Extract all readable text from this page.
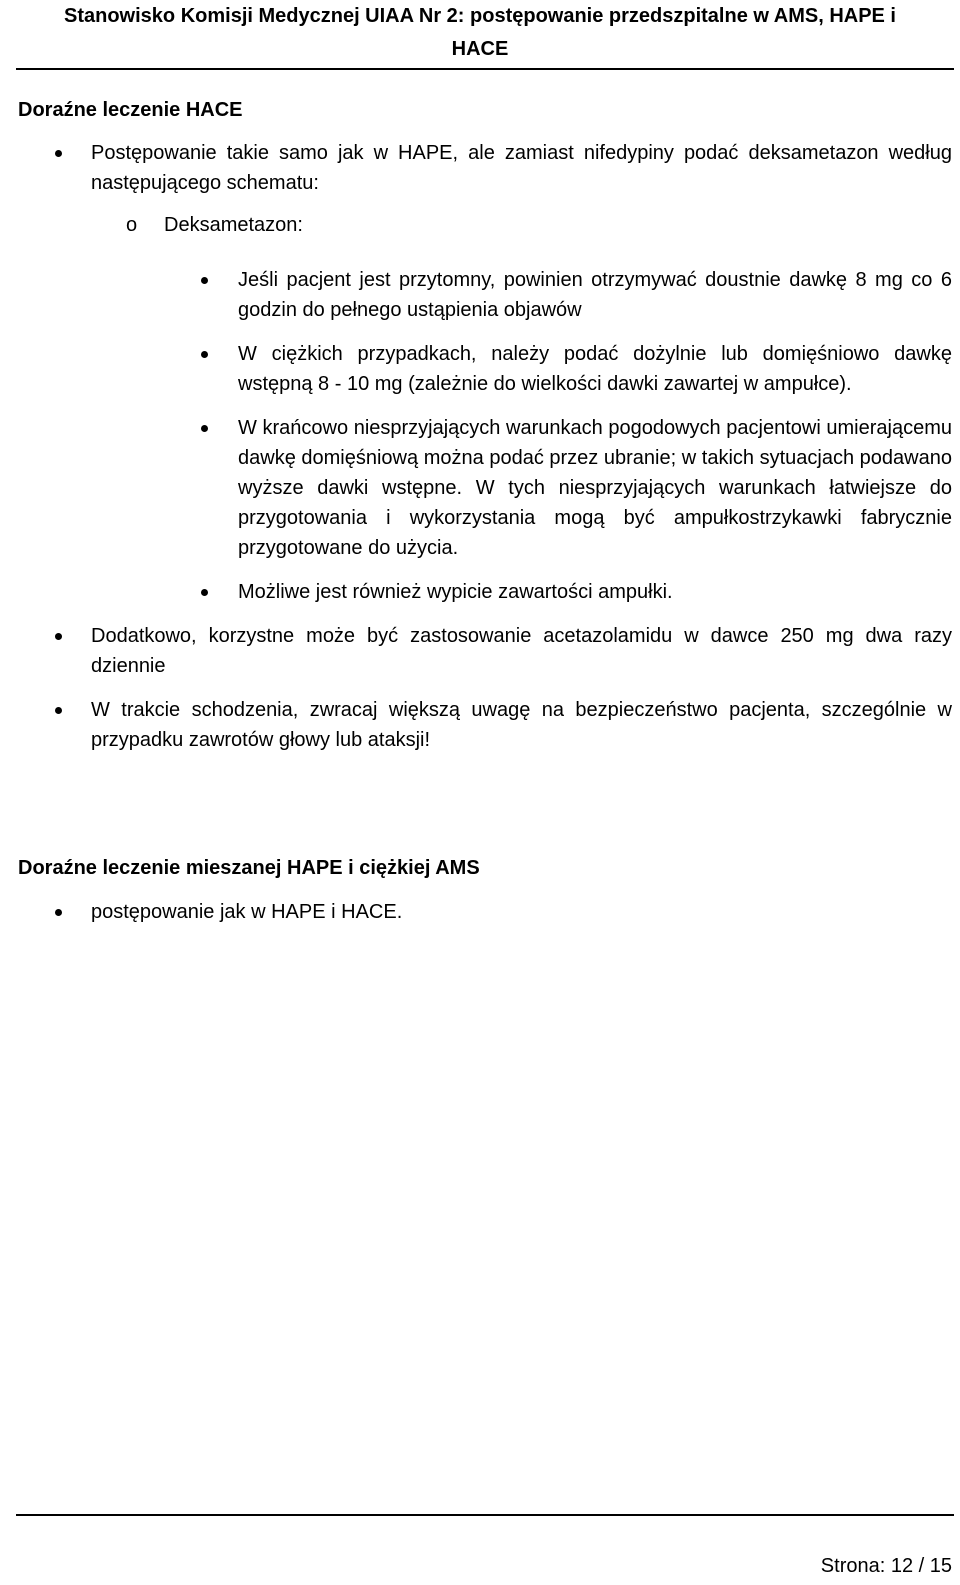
Stanowisko Komisji Medycznej UIAA Nr 2: postępowanie przedszpitalne w AMS, HAPE i
HACE
Doraźne leczenie HACE
Postępowanie takie samo jak w HAPE, ale zamiast nifedypiny podać deksametazon według następującego schematu:
o Deksametazon:
Jeśli pacjent jest przytomny, powinien otrzymywać doustnie dawkę 8 mg co 6 godzin do pełnego ustąpienia objawów
W ciężkich przypadkach, należy podać dożylnie lub domięśniowo dawkę wstępną 8 - 10 mg (zależnie do wielkości dawki zawartej w ampułce).
W krańcowo niesprzyjających warunkach pogodowych pacjentowi umierającemu dawkę domięśniową można podać przez ubranie; w takich sytuacjach podawano wyższe dawki wstępne. W tych niesprzyjających warunkach łatwiejsze do przygotowania i wykorzystania mogą być ampułkostrzykawki fabrycznie przygotowane do użycia.
Możliwe jest również wypicie zawartości ampułki.
Dodatkowo, korzystne może być zastosowanie acetazolamidu w dawce 250 mg dwa razy dziennie
W trakcie schodzenia, zwracaj większą uwagę na bezpieczeństwo pacjenta, szczególnie w przypadku zawrotów głowy lub ataksji!
Doraźne leczenie mieszanej HAPE i ciężkiej AMS
postępowanie jak w HAPE i HACE.
Strona: 12 / 15
